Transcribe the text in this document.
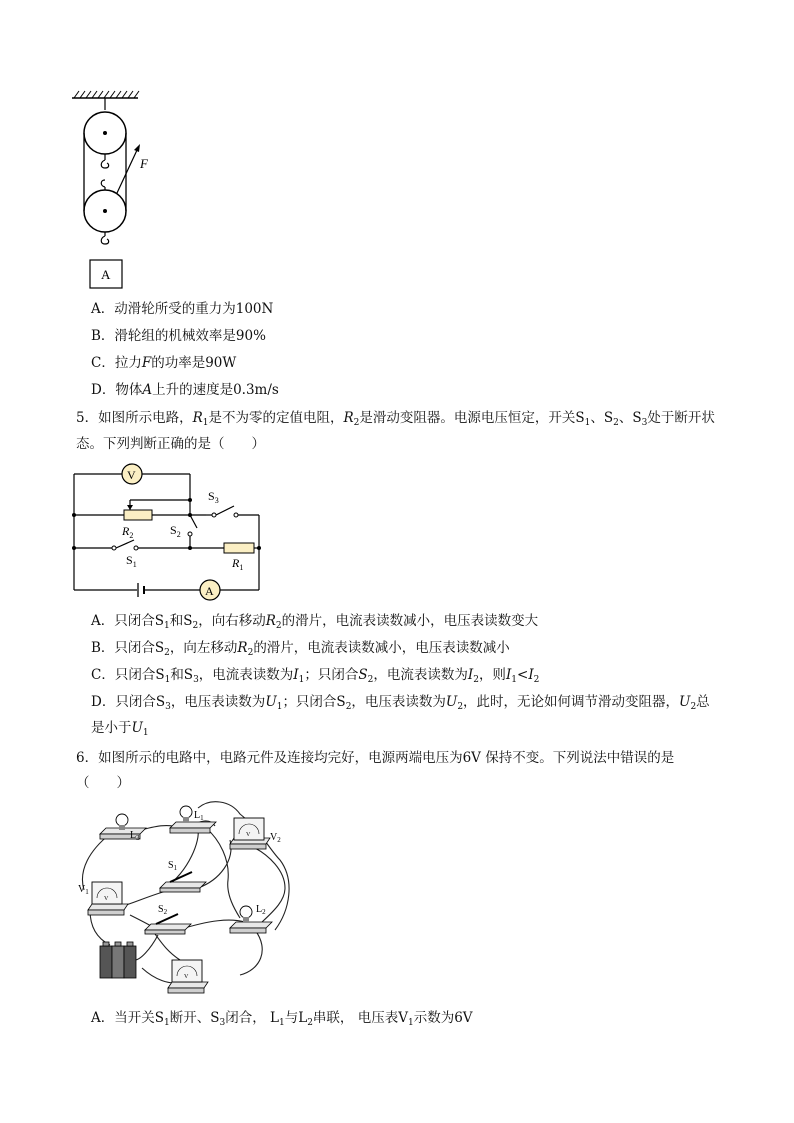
F
A
A．动滑轮所受的重力为100N
B．滑轮组的机械效率是90%
C．拉力F的功率是90W
D．物体A上升的速度是0.3m/s
5．如图所示电路，$R_1$是不为零的定值电阻，$R_2$是滑动变阻器。电源电压恒定，开关$S_1$、$S_2$、$S_3$处于断开状态。下列判断正确的是（　　）
V
A
$R_2$
$R_1$
$S_3$
$S_2$
$S_1$
A．只闭合$S_1$和$S_2$，向右移动$R_2$的滑片，电流表读数减小，电压表读数变大
B．只闭合$S_2$，向左移动$R_2$的滑片，电流表读数减小，电压表读数减小
C．只闭合$S_1$和$S_3$，电流表读数为$I_1$；只闭合$S_2$，电流表读数为$I_2$，则$I_1<I_2$
D．只闭合$S_3$，电压表读数为$U_1$；只闭合$S_2$，电压表读数为$U_2$，此时，无论如何调节滑动变阻器，$U_2$总
是小于$U_1$
6．如图所示的电路中，电路元件及连接均完好，电源两端电压为6V 保持不变。下列说法中错误的是
（　　）
$L_3$
$L_1$
V $V_2$
$S_1$
V
$V_1$
$S_2$	$L_2$
V
A．当开关$S_1$断开、$S_3$闭合， $L_1$与$L_2$串联， 电压表$V_1$示数为6V
